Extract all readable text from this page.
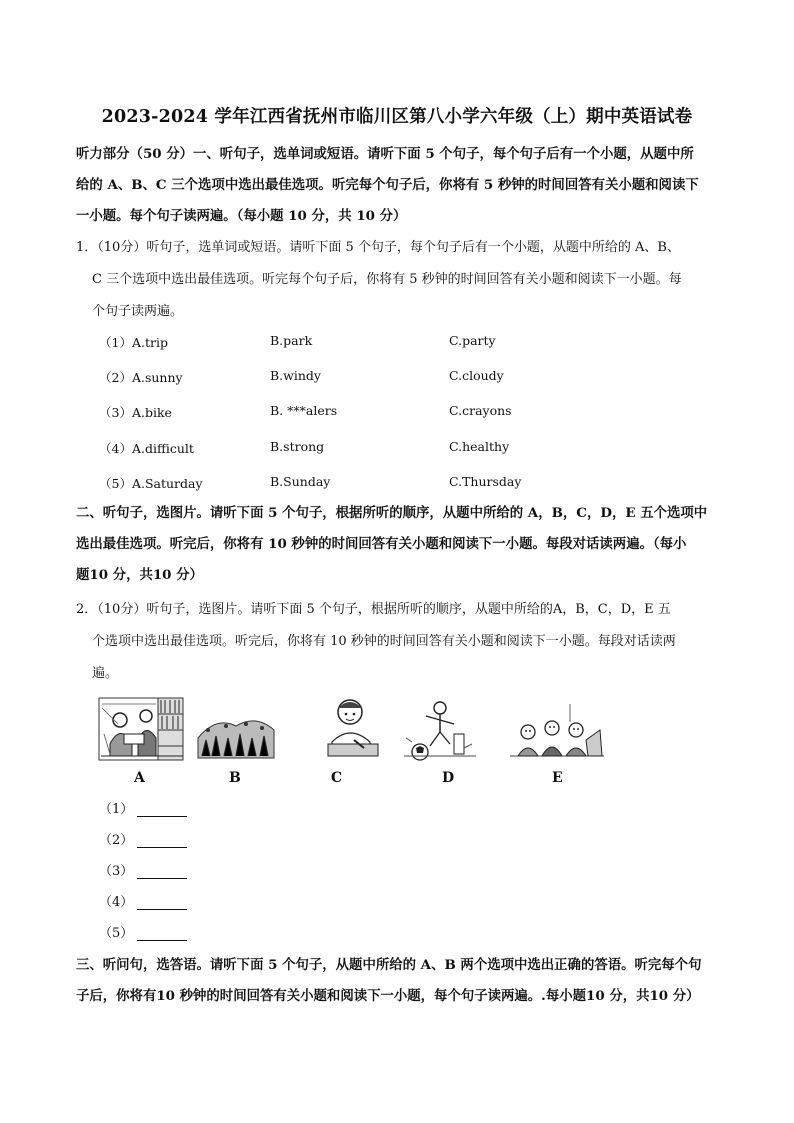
2023-2024 学年江西省抚州市临川区第八小学六年级（上）期中英语试卷
听力部分（50 分）一、听句子，选单词或短语。请听下面 5 个句子，每个句子后有一个小题，从题中所
给的 A、B、C 三个选项中选出最佳选项。听完每个句子后，你将有 5 秒钟的时间回答有关小题和阅读下
一小题。每个句子读两遍。（每小题 10 分，共 10 分）
1．（10分）听句子，选单词或短语。请听下面 5 个句子，每个句子后有一个小题，从题中所给的 A、B、
C 三个选项中选出最佳选项。听完每个句子后，你将有 5 秒钟的时间回答有关小题和阅读下一小题。每
个句子读两遍。
（1）A.trip	B.park	C.party
（2）A.sunny	B.windy	C.cloudy
（3）A.bike	B. ***alers	C.crayons
（4）A.difficult	B.strong	C.healthy
（5）A.Saturday	B.Sunday	C.Thursday
二、听句子，选图片。请听下面 5 个句子，根据所听的顺序，从题中所给的 A，B，C，D，E 五个选项中
选出最佳选项。听完后，你将有 10 秒钟的时间回答有关小题和阅读下一小题。每段对话读两遍。（每小
题10 分，共10 分）
2．（10分）听句子，选图片。请听下面 5 个句子，根据所听的顺序，从题中所给的A，B，C，D，E 五
个选项中选出最佳选项。听完后，你将有 10 秒钟的时间回答有关小题和阅读下一小题。每段对话读两
遍。
A	B	C	D	E
（1）
（2）
（3）
（4）
（5）
三、听问句，选答语。请听下面 5 个句子，从题中所给的 A、B 两个选项中选出正确的答语。听完每个句
子后，你将有10 秒钟的时间回答有关小题和阅读下一小题，每个句子读两遍。.每小题10 分，共10 分）
